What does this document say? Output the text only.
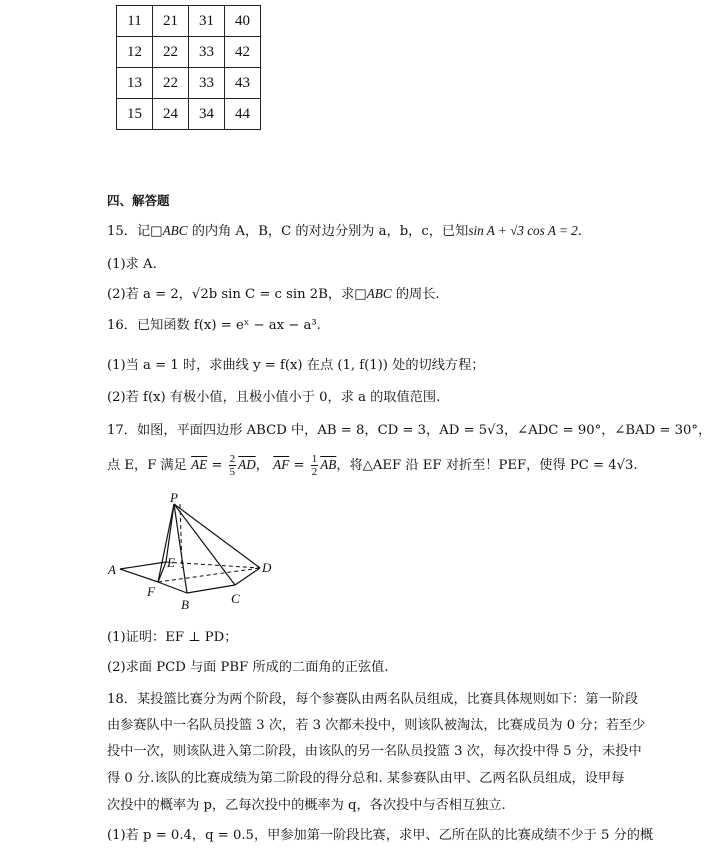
11	21	31	40
12	22	33	42
13	22	33	43
15	24	34	44
四、解答题
15．记□ABC 的内角 A，B，C 的对边分别为 a，b，c，已知sin A + √3 cos A = 2.
(1)求 A.
(2)若 a = 2，√2b sin C = c sin 2B，求□ABC 的周长.
16．已知函数 f(x) = eˣ − ax − a³.
(1)当 a = 1 时，求曲线 y = f(x) 在点 (1, f(1)) 处的切线方程；
(2)若 f(x) 有极小值，且极小值小于 0，求 a 的取值范围.
17．如图，平面四边形 ABCD 中，AB = 8，CD = 3，AD = 5√3，∠ADC = 90°，∠BAD = 30°，
点 E，F 满足 $\overline{AE} = \frac{2}{5} \overline{AD}$， $\overline{AF} = \frac{1}{2} \overline{AB}$，将△AEF 沿 EF 对折至！PEF，使得 PC = 4√3.
P
E	D
A
F	C
B
(1)证明：EF ⊥ PD；
(2)求面 PCD 与面 PBF 所成的二面角的正弦值.
18．某投篮比赛分为两个阶段，每个参赛队由两名队员组成，比赛具体规则如下：第一阶段
由参赛队中一名队员投篮 3 次，若 3 次都未投中，则该队被淘汰，比赛成员为 0 分；若至少
投中一次，则该队进入第二阶段，由该队的另一名队员投篮 3 次，每次投中得 5 分，未投中
得 0 分.该队的比赛成绩为第二阶段的得分总和. 某参赛队由甲、乙两名队员组成，设甲每
次投中的概率为 p，乙每次投中的概率为 q，各次投中与否相互独立.
(1)若 p = 0.4，q = 0.5，甲参加第一阶段比赛，求甲、乙所在队的比赛成绩不少于 5 分的概
